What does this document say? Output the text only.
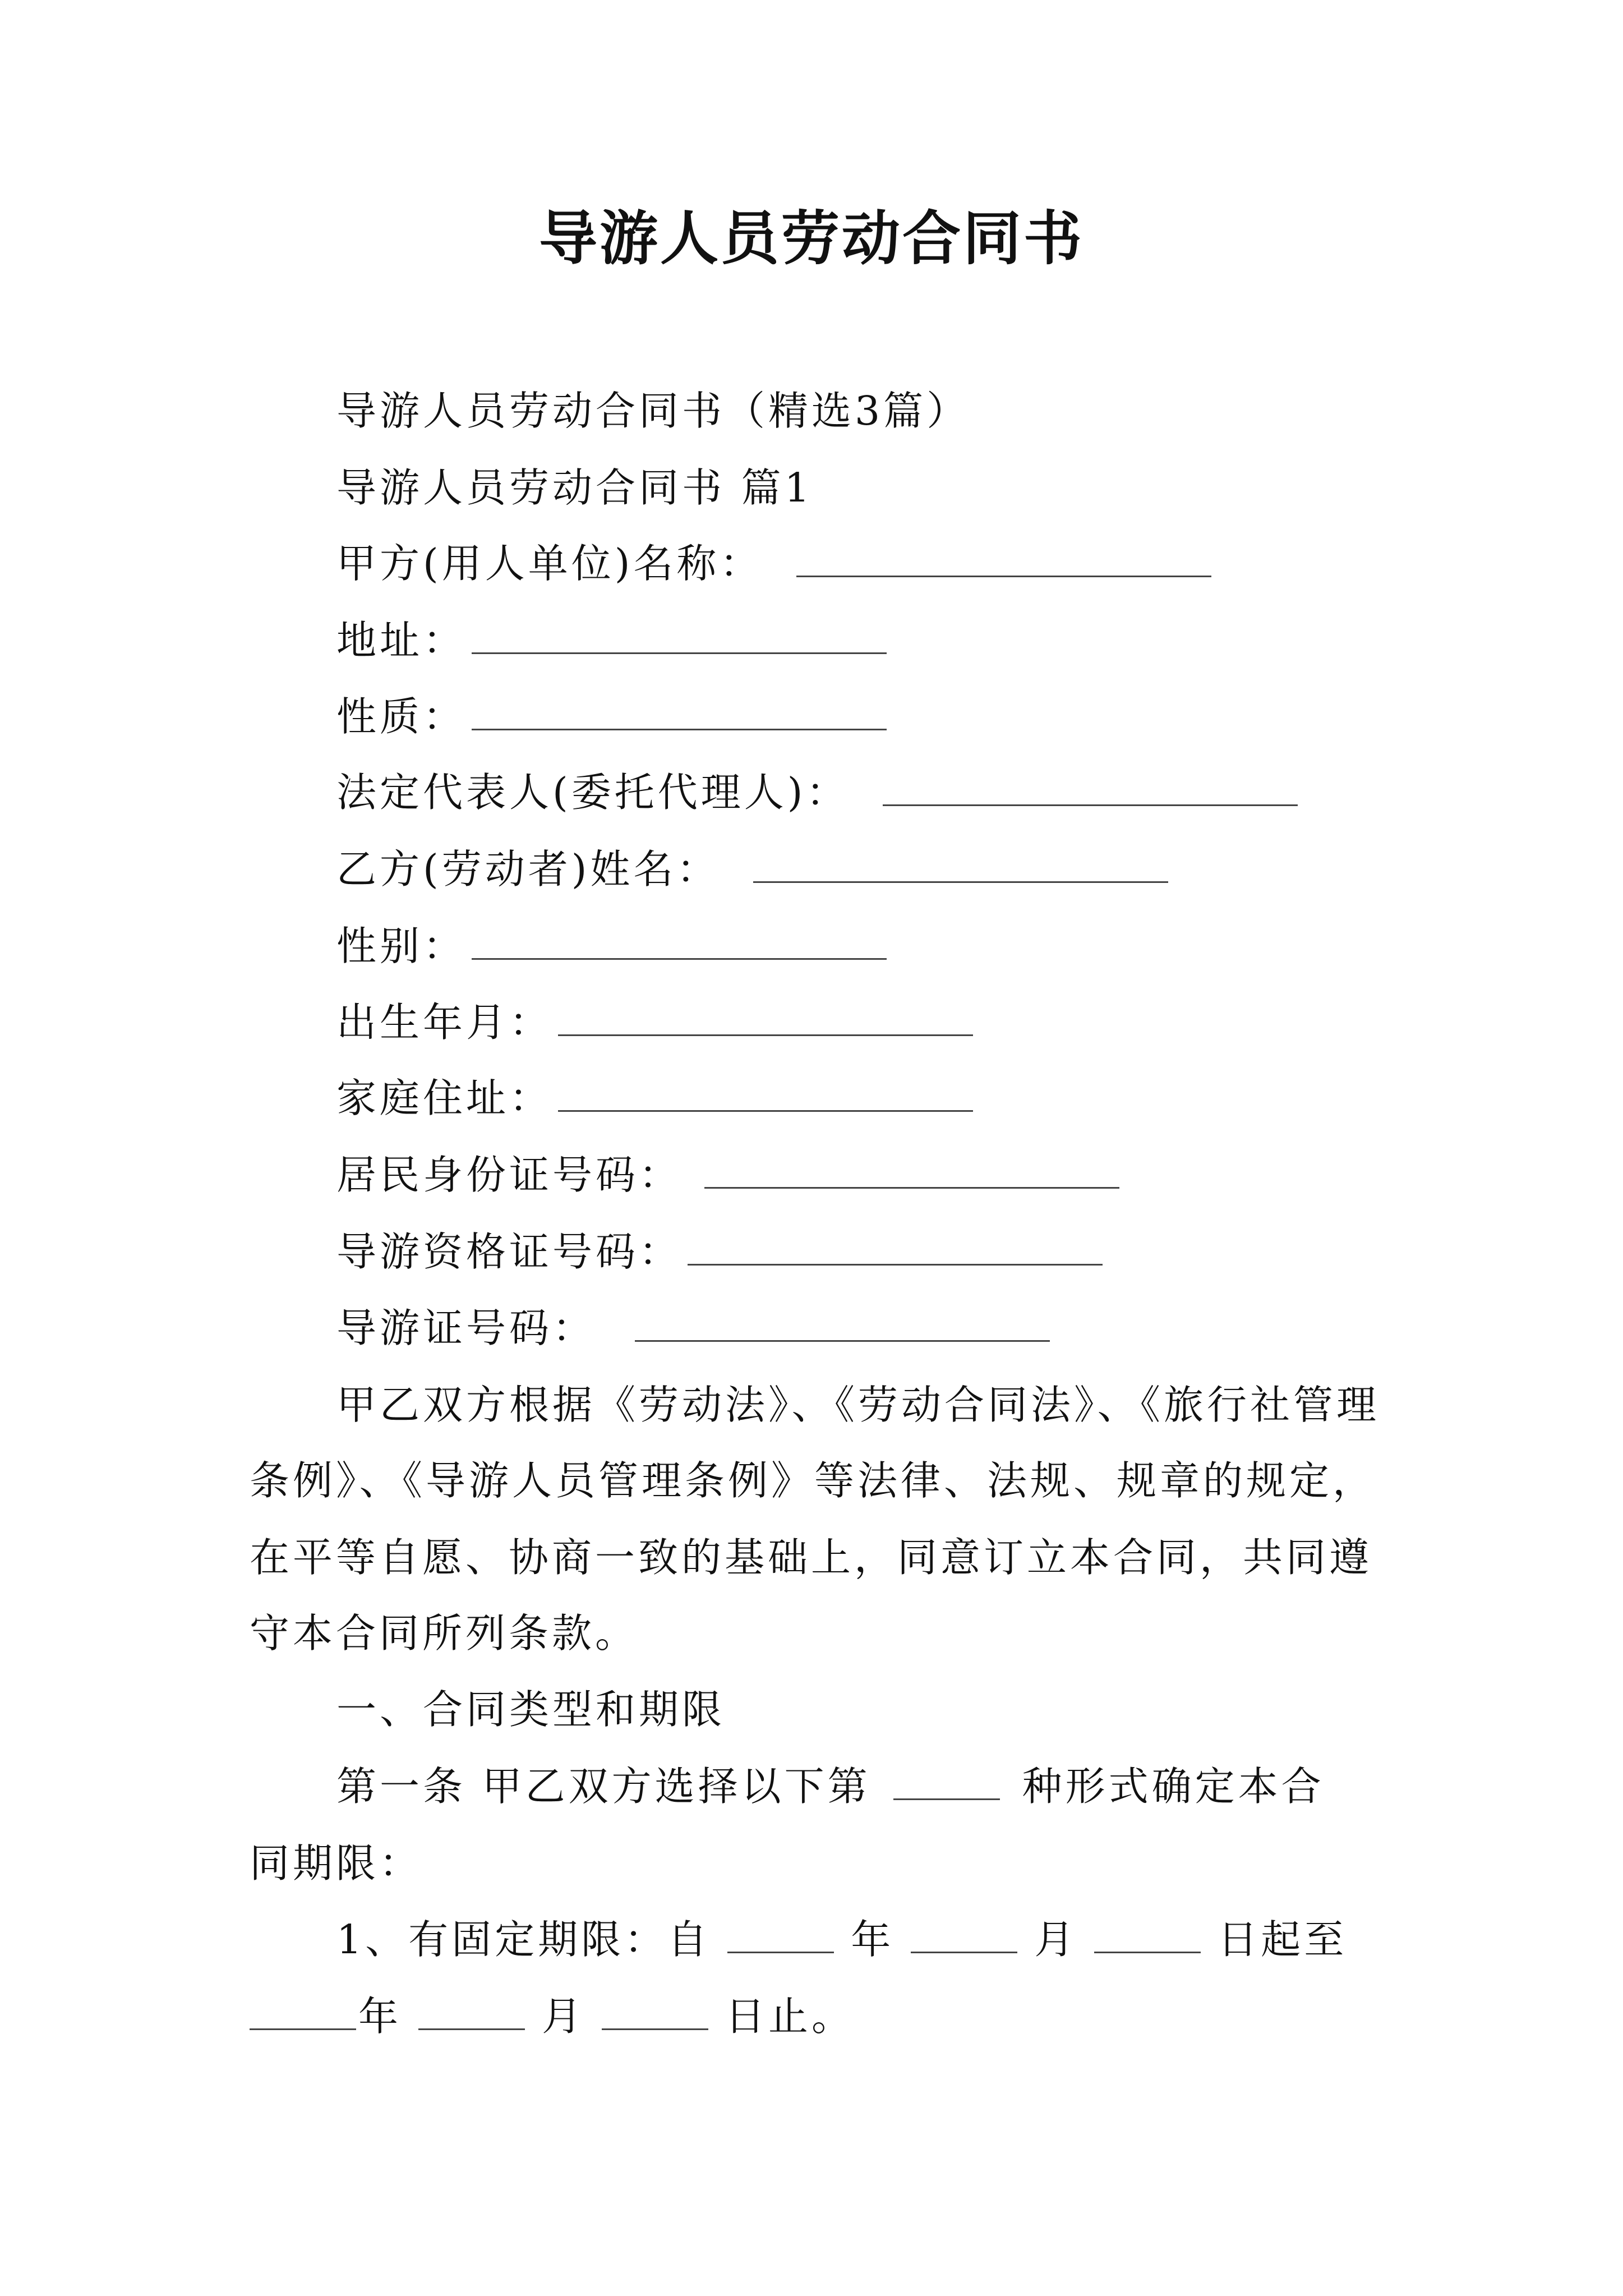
导游人员劳动合同书
导游人员劳动合同书（精选3篇）
导游人员劳动合同书 篇1
甲方(用人单位)名称：
地址：
性质：
法定代表人(委托代理人)：
乙方(劳动者)姓名：
性别：
出生年月：
家庭住址：
居民身份证号码：
导游资格证号码：
导游证号码：
甲乙双方根据《劳动法》、《劳动合同法》、《旅行社管理
条例》、《导游人员管理条例》等法律、法规、规章的规定，
在平等自愿、协商一致的基础上，同意订立本合同，共同遵
守本合同所列条款。
一、合同类型和期限
第一条 甲乙双方选择以下第	种形式确定本合
同期限：
1、有固定期限：自	年	月	日起至
年	月	日止。
